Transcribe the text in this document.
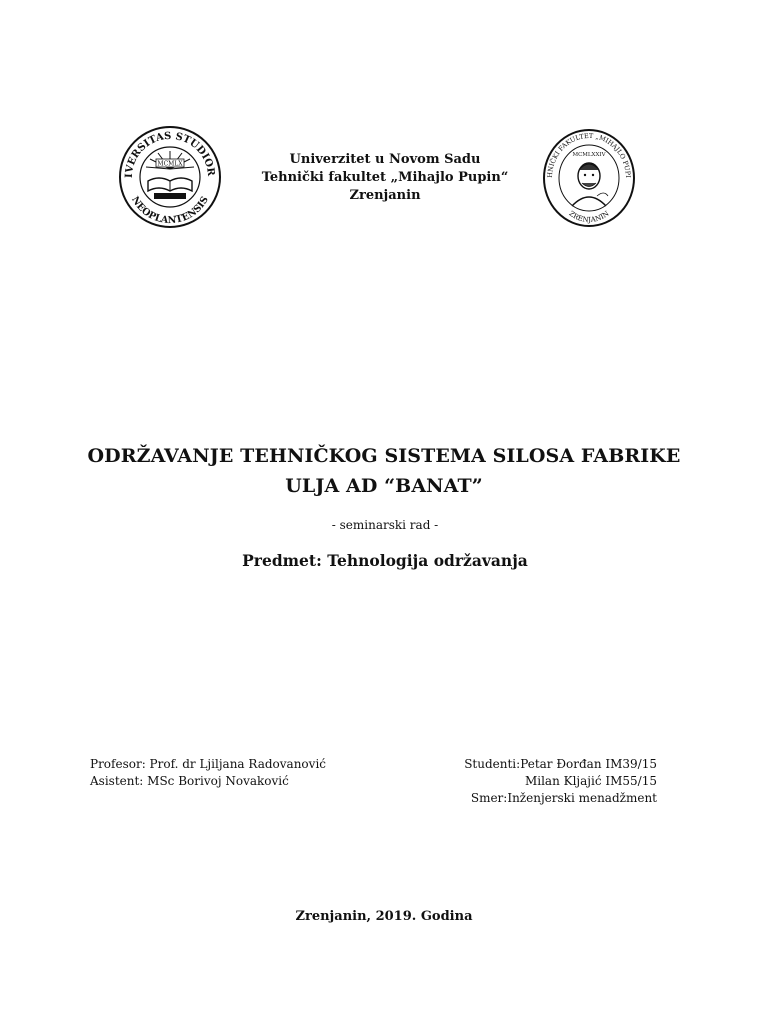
IVERSITAS STUDIOR
NEOPLANTENSIS
MCMLX	Univerzitet u Novom Sadu
Tehnički fakultet „Mihajlo Pupin“
Zrenjanin
HNIČKI FAKULTET „MIHAJLO PUPI
ZRENJANIN
MCMLXXIV
ODRŽAVANJE TEHNIČKOG SISTEMA SILOSA FABRIKE
ULJA AD “BANAT”
- seminarski rad -
Predmet: Tehnologija održavanja
Profesor: Prof. dr Ljiljana Radovanović
Asistent: MSc Borivoj Novaković
Studenti:Petar Đorđan IM39/15
Milan Kljajić IM55/15
Smer:Inženjerski menadžment
Zrenjanin, 2019. Godina
